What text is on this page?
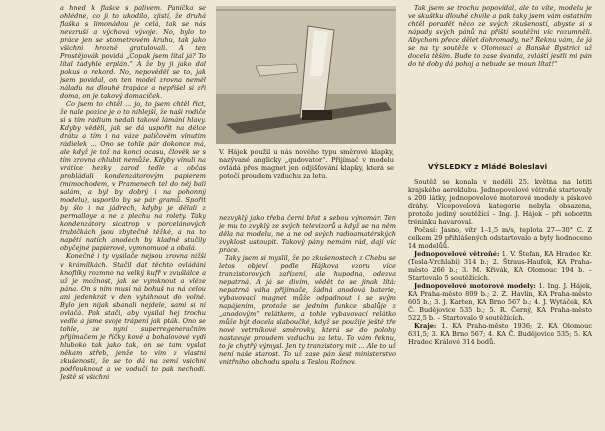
a hned k flašce s palivem. Panička se ohlédne, co ji to ukodilo, zjistí, že druhá flaška s limonádou je celá, tak se nás nevzruší a výchová vývoje. No, bylo to práce jen se stometrovém kruhu, tak jako všichni hrozně gratulovali. A ten Prostějovák povidá „Copak jsem lítal já? To lítal tadyhle erplán.“ A že by ji jako dal pokus o rekord. No, nepověděl se to, jak jsem povidal, on ten model zrovna neměl náladu na dlouhé trapáce a nepřišel si zří doma, on je takový domacíček.

Co jsem to chtěl ... jo, to jsem chtěl říct, že nale pozice je o to nihlejší, že naši rodiče si s tím rádium nedali takové lámání hlavy. Kdyby věděli, jak se dá uspořit na délce drátu a tím i na váze palíčovém vínutim rádielek ... Ono se tohle pár dokonce má, ale když je tož na konci ocasu, člověk se s tím zrovna chlubit nemůže. Kdyby vínuli na vrátíce hezky zarod tedle a občas probládali kondenzátorovým papierem (mimochodem, v Pramenech tel do něj balí salám, a byl by dobrý i na pohonný modelu), usporilo by se pár gramů. Spořit by šlo i na jádrech, kdyby je dělali z permalloye a ne z plechu na rolety. Taky kondenzátory sicatrop v porcelánových trubičkách jsou zbytečně těžké, a na to napětí natích anodech by kladně stučily obyčejné papierové, vymnomuoé a obalá.

Konečně i ty vysilače nejsou zrovna nižší v krámílkách. Stačil dat těchto ovládáni knoflíky rozmno na velký kufř v zvušlálce a už je možnost, jak se vymknout a vléze pána. On s ním musí ná bohuš na ná celou ani jedenkrát v den vytáhnout do volné. Bylo jen nijak sbanali nejdele, sami si ni ovlačá. Pak stači, aby vysilal hej trochu vedle a jsme svoje trápení jak pták. Ono se tohle, ze nyní superregeneračním přijímačem je říčky kové a bohalovové vydí hluboko tak jako tak, on se tam vyslat někam střeb, jenže to vím z vlastní zkušenosti, že se to dá na zemí vsichni podřouknout a ve vodučí to pak nechodi. Ještě si všichni

V. Hájek použil u nás nového typu směrové klapky, nazývané anglicky „qudovator“. Přijímač v modelu ovládá přes magnet jen odjišťování klapky, která se potočí proudem vzduchu za letu.

nezvyklý jako třeba černi břat s sebou výnomár. Ten je mu to zvyklý ze svých televizorů a když se na něm děla na modelu, ne a ne od svých radioamatérských zvyklost ustoupit. Takový pány nemám rád, dají víc práce.

Taky jsem si myslil, že po zkušenostech z Chebu se letos objeví podle Hájkova vzoru více tranzistorových zařízení, ale hupodna, odezva nepatrná. A já se divím, vědět to se jinak lítá: nepatrná váha přijímače, žádná anodová baterie, vybavovací magnet může odpadnout i se svým napájením, protože se jedním funkce sbalůje z „anodovým“ relátkem, a tohle vybavovací relátko může být docela slaboučké, když se použije ještě tře nové vetrníkové směrovky, která se do polohy nastavuje proudem vzduchu za letu. To vám řeknu, to je chytřý výmysl. Jen ty tranzistory mit ... Ale to už není naše starost. To už zase pán šest ministerstvo vnitřního obchodu spolu s Teslou Rožnov.

Tak jsem se trochu popovídal, ale to víte, modelu je ve skuštku dlouhé chvile a pak taky jsem vám ostatním chtěl poradět něco ze svých zkušeností, abyste si s nápady svých pánů na příští soutěžni víc rozumněli. Abychom přece dělet dohromady, ne? Řeknu vám, že já se na ty soutěže v Olomouci a Banské Bystrici už docela těším. Bude to zase švanda, zvláští jestli mi pán do té doby dá pohoj a nebude se moun lítat!“

VÝSLEDKY z Mládé Boleslavi

Soutěž se konala v neděli 25. května na letiti krajského aeroklubu. Jednopovelové větroňé startovaly s 200 látky, jednopovelové motorové modely s pískové dráhy. Vícepovelová kategorie nebyla obsazena, protože jediný soutěžící – Ing. J. Hájek – při soboritn tréninku havaroval.

Počasí: Jasno, vítr 1–1,5 m/s, teplota 27—30° C. Z celkem 29 přihlášených odstartovalo a byly hodnoceno 14 modelůů.

Jednopovelové větroňé: 1. V. Štefan, KA Hradec Kr. (Tesla-Vrchlabí) 314 b.; 2. Štraus-Haufek, KA Praha-město 266 b.; 3. M. Křivák, KA Olomouc 194 b. – Startovalo 5 soutěžících.

Jednopovelové motorové modely: 1. Ing. J. Hájek, KA Praha-město 809 b.; 2. Z. Havlín, KA Praha-město 605 b.; 3. J. Karten, KA Brno 567 b.; 4. J. Wytáček, KA Č. Budějovice 535 b.; 5. R. Černý, KA Praha-město 522,5 b. – Startovalo 9 soutěžících.

Kraje: 1. KA Praha-město 1936; 2. KA Olomouc 631,5; 3. KA Brno 567; 4. KA Č. Budějovice 535; 5. KA Hradec Králové 314 bodů.
